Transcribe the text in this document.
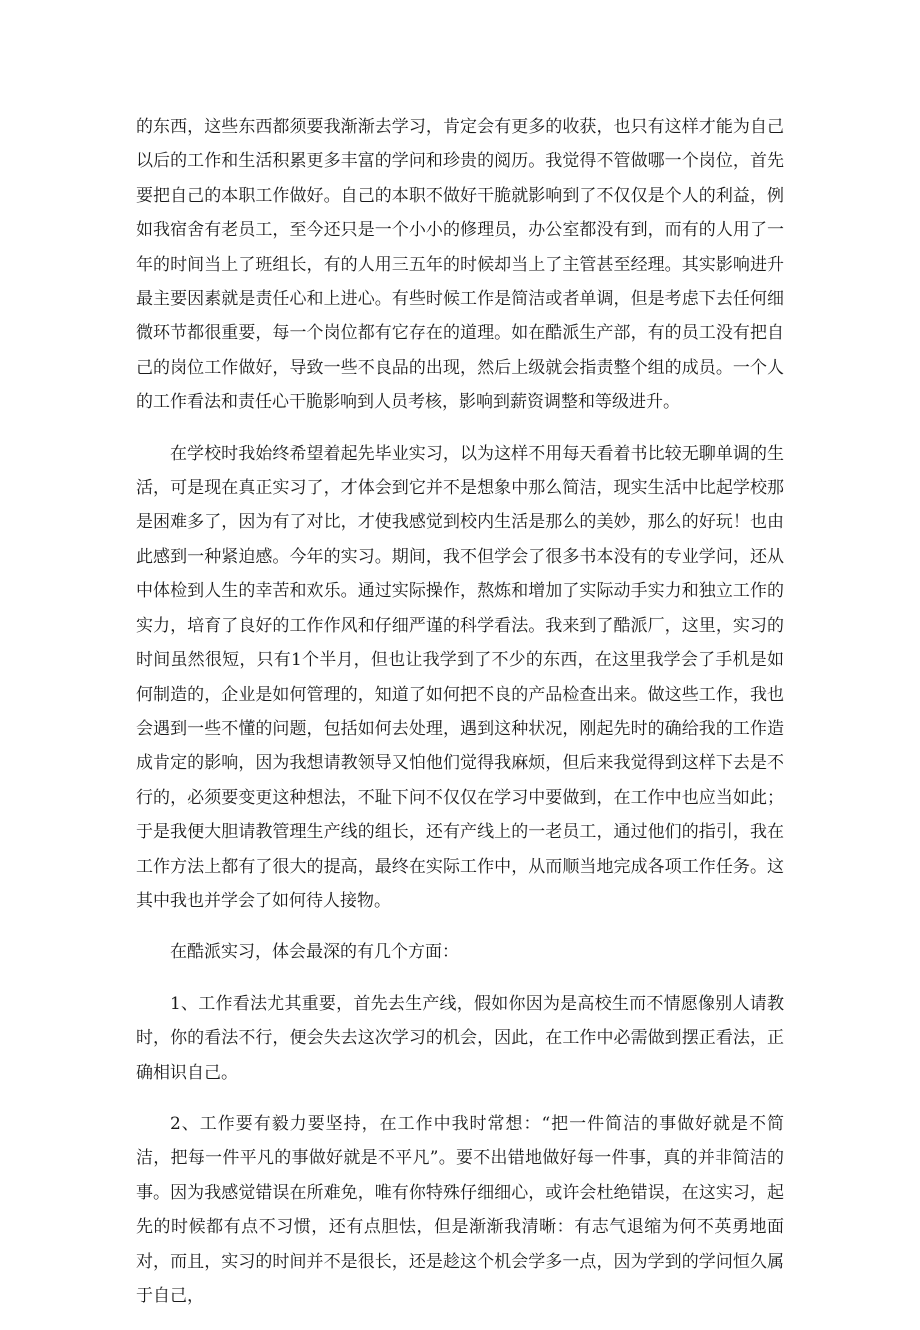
的东西，这些东西都须要我渐渐去学习，肯定会有更多的收获，也只有这样才能为自己以后的工作和生活积累更多丰富的学问和珍贵的阅历。我觉得不管做哪一个岗位，首先要把自己的本职工作做好。自己的本职不做好干脆就影响到了不仅仅是个人的利益，例如我宿舍有老员工，至今还只是一个小小的修理员，办公室都没有到，而有的人用了一年的时间当上了班组长，有的人用三五年的时候却当上了主管甚至经理。其实影响进升最主要因素就是责任心和上进心。有些时候工作是简洁或者单调，但是考虑下去任何细微环节都很重要，每一个岗位都有它存在的道理。如在酷派生产部，有的员工没有把自己的岗位工作做好，导致一些不良品的出现，然后上级就会指责整个组的成员。一个人的工作看法和责任心干脆影响到人员考核，影响到薪资调整和等级进升。

在学校时我始终希望着起先毕业实习，以为这样不用每天看着书比较无聊单调的生活，可是现在真正实习了，才体会到它并不是想象中那么简洁，现实生活中比起学校那是困难多了，因为有了对比，才使我感觉到校内生活是那么的美妙，那么的好玩！也由此感到一种紧迫感。今年的实习。期间，我不但学会了很多书本没有的专业学问，还从中体检到人生的幸苦和欢乐。通过实际操作，熬炼和增加了实际动手实力和独立工作的实力，培育了良好的工作作风和仔细严谨的科学看法。我来到了酷派厂，这里，实习的时间虽然很短，只有1个半月，但也让我学到了不少的东西，在这里我学会了手机是如何制造的，企业是如何管理的，知道了如何把不良的产品检查出来。做这些工作，我也会遇到一些不懂的问题，包括如何去处理，遇到这种状况，刚起先时的确给我的工作造成肯定的影响，因为我想请教领导又怕他们觉得我麻烦，但后来我觉得到这样下去是不行的，必须要变更这种想法，不耻下问不仅仅在学习中要做到，在工作中也应当如此；于是我便大胆请教管理生产线的组长，还有产线上的一老员工，通过他们的指引，我在工作方法上都有了很大的提高，最终在实际工作中，从而顺当地完成各项工作任务。这其中我也并学会了如何待人接物。

在酷派实习，体会最深的有几个方面：

1、工作看法尤其重要，首先去生产线，假如你因为是高校生而不情愿像别人请教时，你的看法不行，便会失去这次学习的机会，因此，在工作中必需做到摆正看法，正确相识自己。

2、工作要有毅力要坚持，在工作中我时常想：“把一件简洁的事做好就是不简洁，把每一件平凡的事做好就是不平凡”。要不出错地做好每一件事，真的并非简洁的事。因为我感觉错误在所难免，唯有你特殊仔细细心，或许会杜绝错误，在这实习，起先的时候都有点不习惯，还有点胆怯，但是渐渐我清晰：有志气退缩为何不英勇地面对，而且，实习的时间并不是很长，还是趁这个机会学多一点，因为学到的学问恒久属于自己，
